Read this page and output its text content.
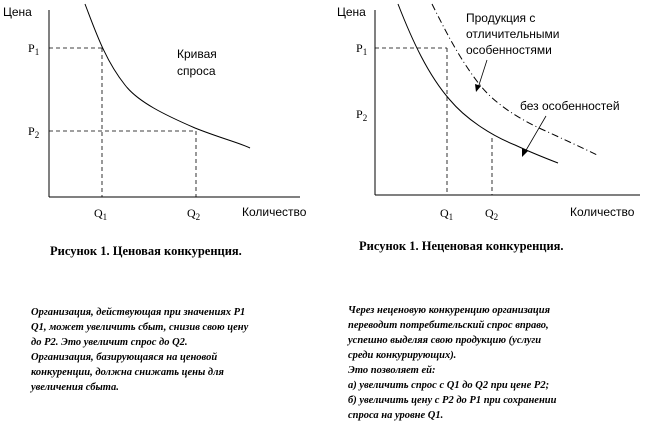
Цена
Количество
$P_1$
$P_2$
$Q_1$	$Q_2$
Кривая
спроса
Цена
Количество
$P_1$
$P_2$
$Q_1$	$Q_2$
Продукция с
отличительными
особенностями
без особенностей
Рисунок 1. Ценовая конкуренция.	Рисунок 1. Неценовая конкуренция.
Организация, действующая при значениях P1
Q1, может увеличить сбыт, снизив свою цену
до P2. Это увеличит спрос до Q2.
Организация, базирующаяся на ценовой
конкуренции, должна снижать цены для
увеличения сбыта.
Через неценовую конкуренцию организация
переводит потребительский спрос вправо,
успешно выделяя свою продукцию (услуги
среди конкурирующих).
Это позволяет ей:
а) увеличить спрос с Q1 до Q2 при цене P2;
б) увеличить цену с P2 до P1 при сохранении
спроса на уровне Q1.
